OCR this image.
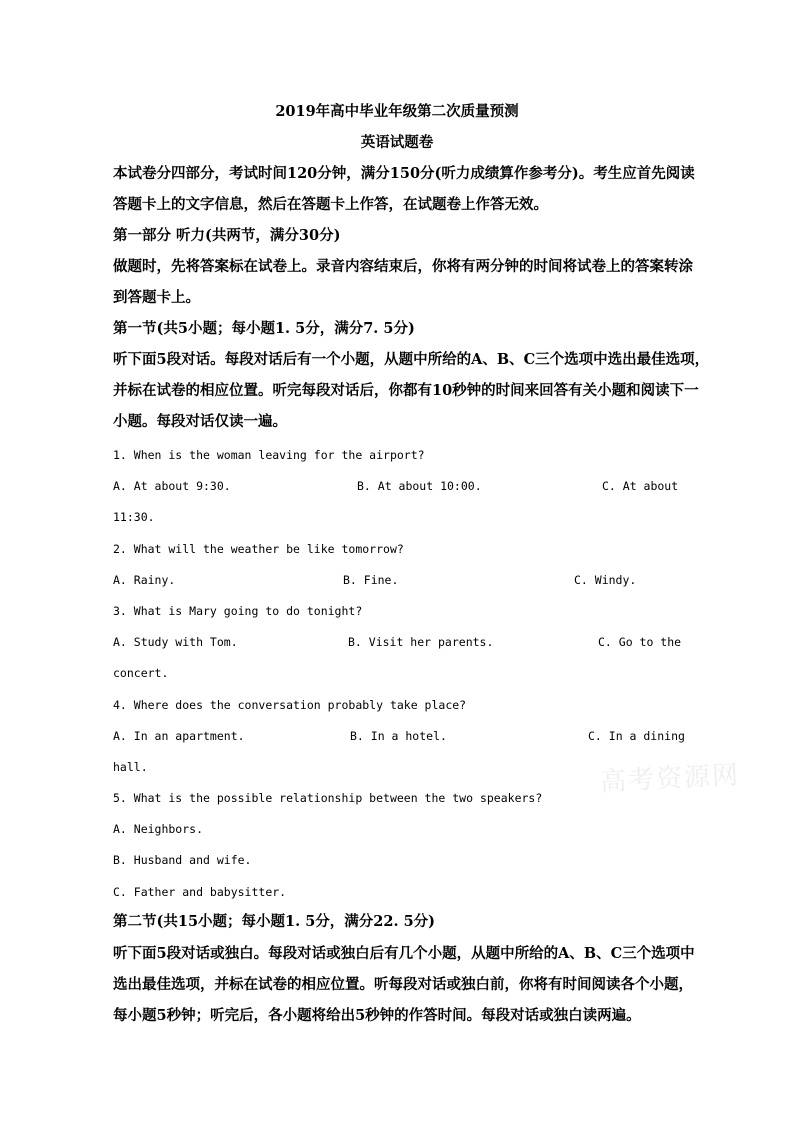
高考资源网
2019年高中毕业年级第二次质量预测
英语试题卷
本试卷分四部分，考试时间120分钟，满分150分(听力成绩算作参考分)。考生应首先阅读
答题卡上的文字信息，然后在答题卡上作答，在试题卷上作答无效。
第一部分 听力(共两节，满分30分)
做题时，先将答案标在试卷上。录音内容结束后，你将有两分钟的时间将试卷上的答案转涂
到答题卡上。
第一节(共5小题；每小题1. 5分，满分7. 5分)
听下面5段对话。每段对话后有一个小题，从题中所给的A、B、C三个选项中选出最佳选项，
并标在试卷的相应位置。听完每段对话后，你都有10秒钟的时间来回答有关小题和阅读下一
小题。每段对话仅读一遍。
1. When is the woman leaving for the airport?
A. At about 9:30.	B. At about 10:00.	C. At about
11:30.
2. What will the weather be like tomorrow?
A. Rainy.	B. Fine.	C. Windy.
3. What is Mary going to do tonight?
A. Study with Tom.	B. Visit her parents.	C. Go to the
concert.
4. Where does the conversation probably take place?
A. In an apartment.	B. In a hotel.	C. In a dining
hall.
5. What is the possible relationship between the two speakers?
A. Neighbors.
B. Husband and wife.
C. Father and babysitter.
第二节(共15小题；每小题1. 5分，满分22. 5分)
听下面5段对话或独白。每段对话或独白后有几个小题，从题中所给的A、B、C三个选项中
选出最佳选项，并标在试卷的相应位置。听每段对话或独白前，你将有时间阅读各个小题，
每小题5秒钟；听完后，各小题将给出5秒钟的作答时间。每段对话或独白读两遍。
